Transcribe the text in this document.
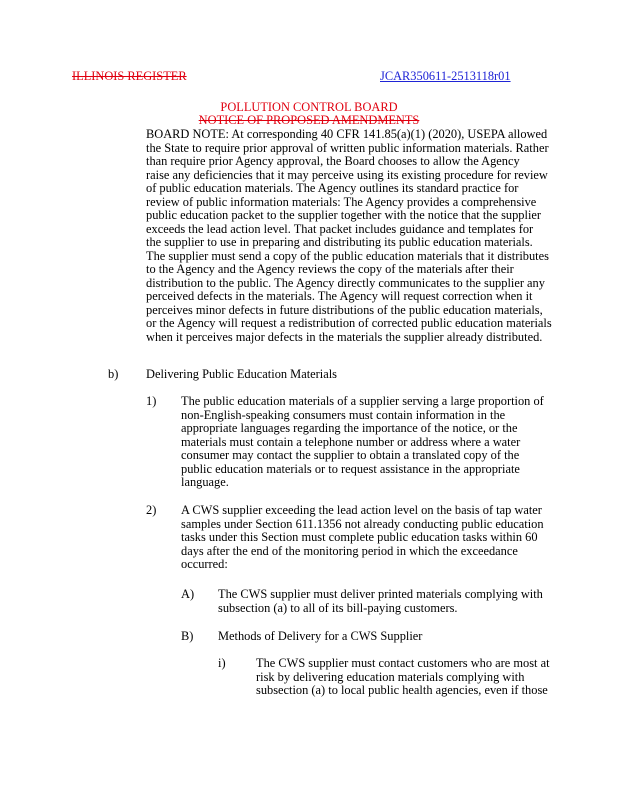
ILLINOIS REGISTER	JCAR350611-2513118r01
POLLUTION CONTROL BOARD
NOTICE OF PROPOSED AMENDMENTS
BOARD NOTE: At corresponding 40 CFR 141.85(a)(1) (2020), USEPA allowed
the State to require prior approval of written public information materials. Rather
than require prior Agency approval, the Board chooses to allow the Agency
raise any deficiencies that it may perceive using its existing procedure for review
of public education materials. The Agency outlines its standard practice for
review of public information materials: The Agency provides a comprehensive
public education packet to the supplier together with the notice that the supplier
exceeds the lead action level. That packet includes guidance and templates for
the supplier to use in preparing and distributing its public education materials.
The supplier must send a copy of the public education materials that it distributes
to the Agency and the Agency reviews the copy of the materials after their
distribution to the public. The Agency directly communicates to the supplier any
perceived defects in the materials. The Agency will request correction when it
perceives minor defects in future distributions of the public education materials,
or the Agency will request a redistribution of corrected public education materials
when it perceives major defects in the materials the supplier already distributed.
b) Delivering Public Education Materials
1) The public education materials of a supplier serving a large proportion of
non-English-speaking consumers must contain information in the
appropriate languages regarding the importance of the notice, or the
materials must contain a telephone number or address where a water
consumer may contact the supplier to obtain a translated copy of the
public education materials or to request assistance in the appropriate
language.
2) A CWS supplier exceeding the lead action level on the basis of tap water
samples under Section 611.1356 not already conducting public education
tasks under this Section must complete public education tasks within 60
days after the end of the monitoring period in which the exceedance
occurred:
A) The CWS supplier must deliver printed materials complying with
subsection (a) to all of its bill-paying customers.
B) Methods of Delivery for a CWS Supplier
i) The CWS supplier must contact customers who are most at
risk by delivering education materials complying with
subsection (a) to local public health agencies, even if those
